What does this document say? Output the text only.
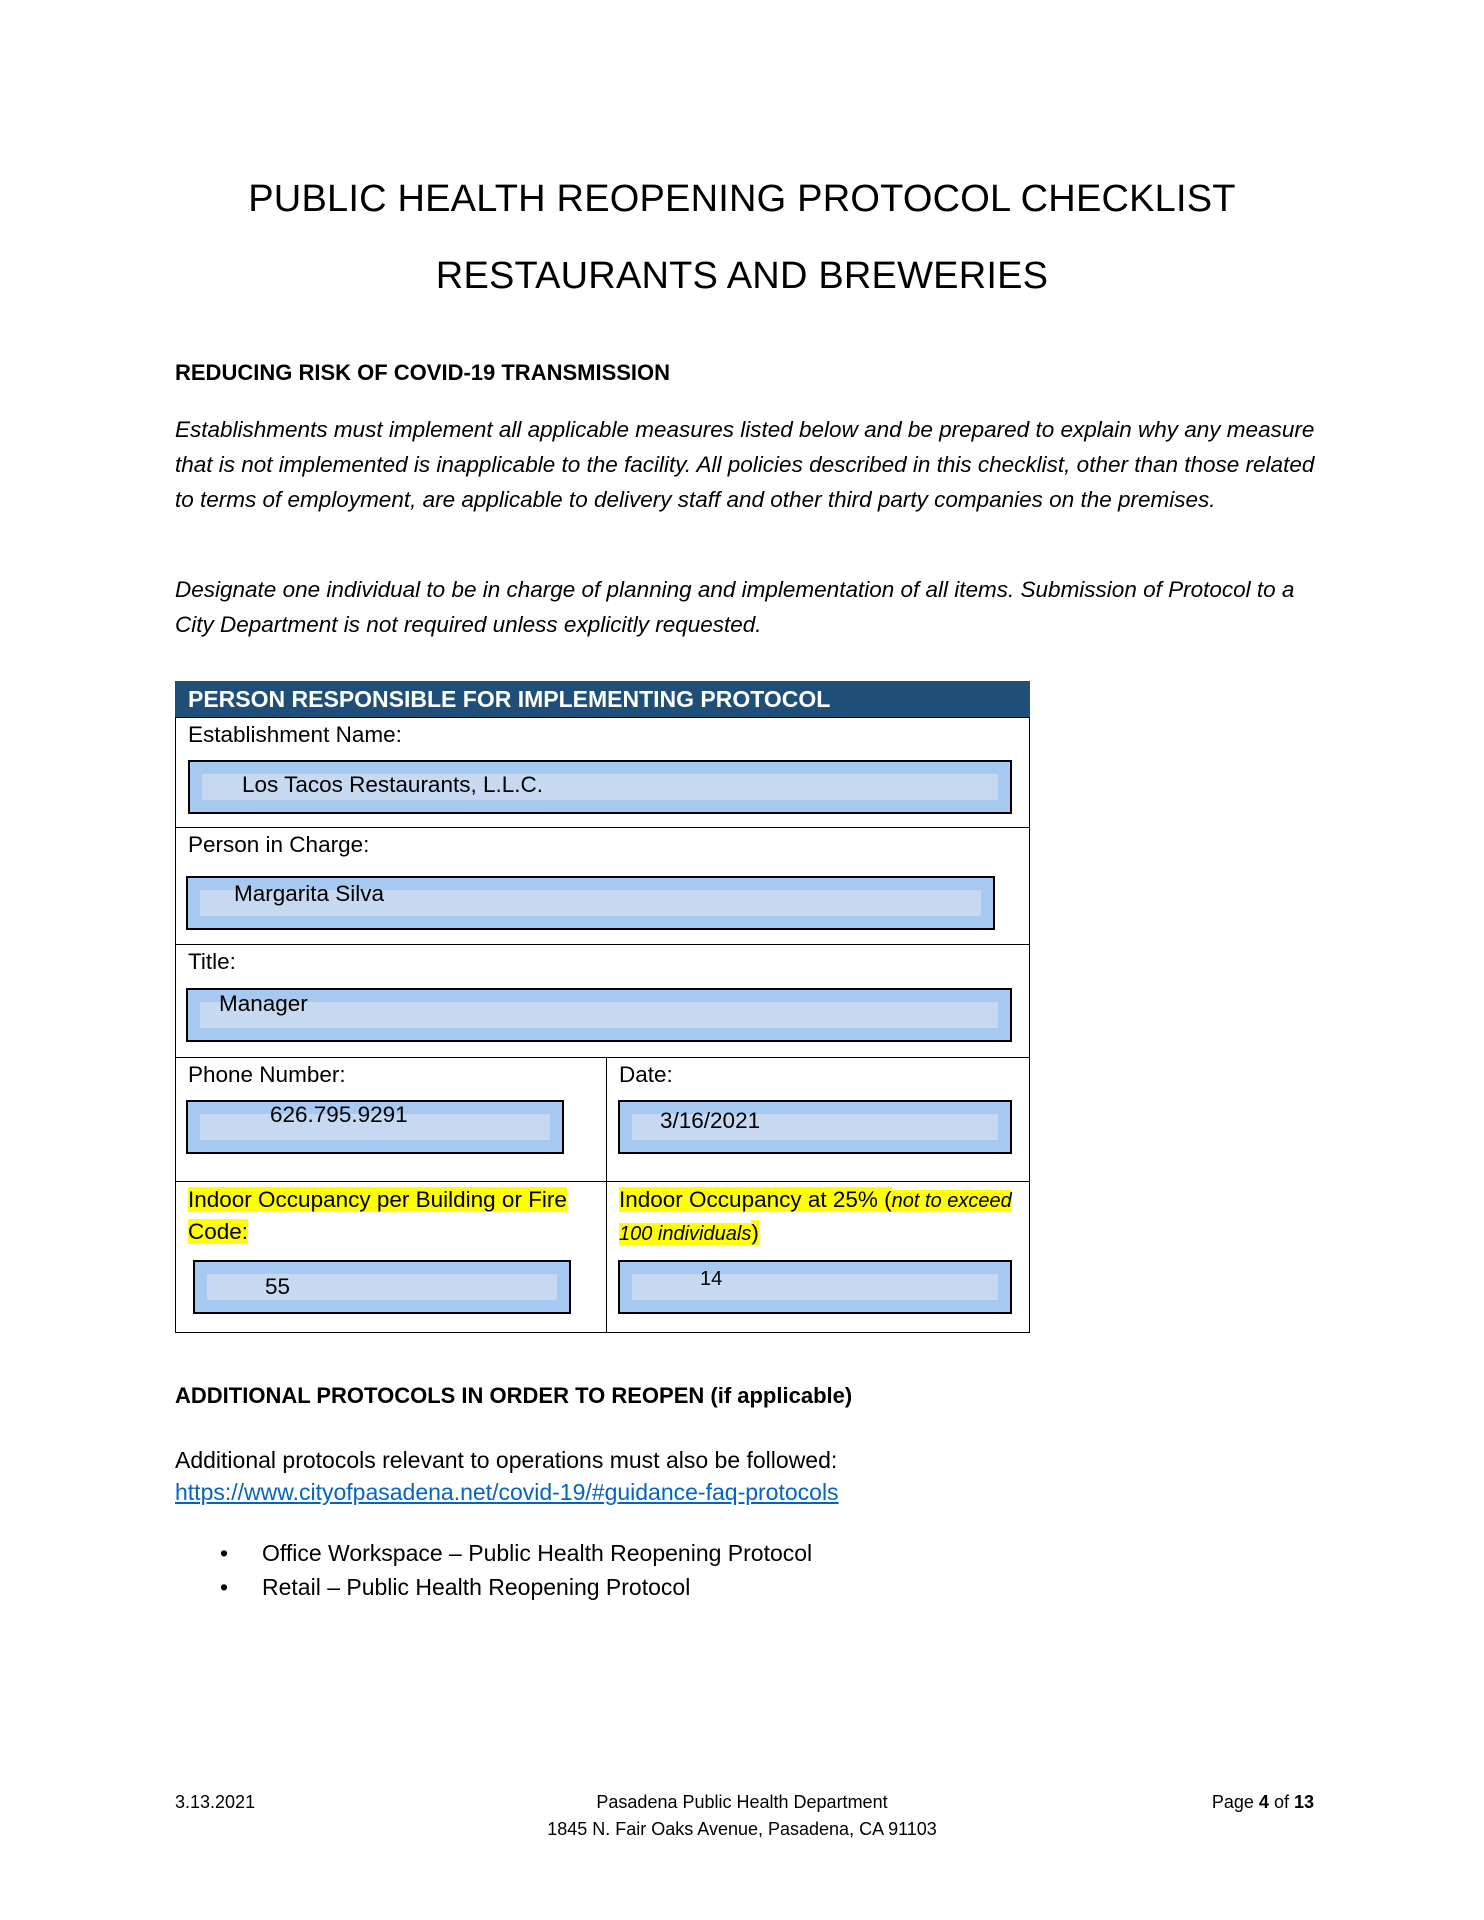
PUBLIC HEALTH REOPENING PROTOCOL CHECKLIST
RESTAURANTS AND BREWERIES
REDUCING RISK OF COVID-19 TRANSMISSION
Establishments must implement all applicable measures listed below and be prepared to explain why any measure that is not implemented is inapplicable to the facility. All policies described in this checklist, other than those related to terms of employment, are applicable to delivery staff and other third party companies on the premises.
Designate one individual to be in charge of planning and implementation of all items. Submission of Protocol to a City Department is not required unless explicitly requested.
PERSON RESPONSIBLE FOR IMPLEMENTING PROTOCOL
Establishment Name:
Los Tacos Restaurants, L.L.C.
Person in Charge:
Margarita Silva
Title:
Manager
Phone Number:
626.795.9291
Date:
3/16/2021
Indoor Occupancy per Building or Fire Code:
55
Indoor Occupancy at 25% (not to exceed 100 individuals)
14
ADDITIONAL PROTOCOLS IN ORDER TO REOPEN (if applicable)
Additional protocols relevant to operations must also be followed:
https://www.cityofpasadena.net/covid-19/#guidance-faq-protocols
• Office Workspace – Public Health Reopening Protocol
• Retail – Public Health Reopening Protocol
3.13.2021	Pasadena Public Health Department
1845 N. Fair Oaks Avenue, Pasadena, CA 91103
Page 4 of 13
